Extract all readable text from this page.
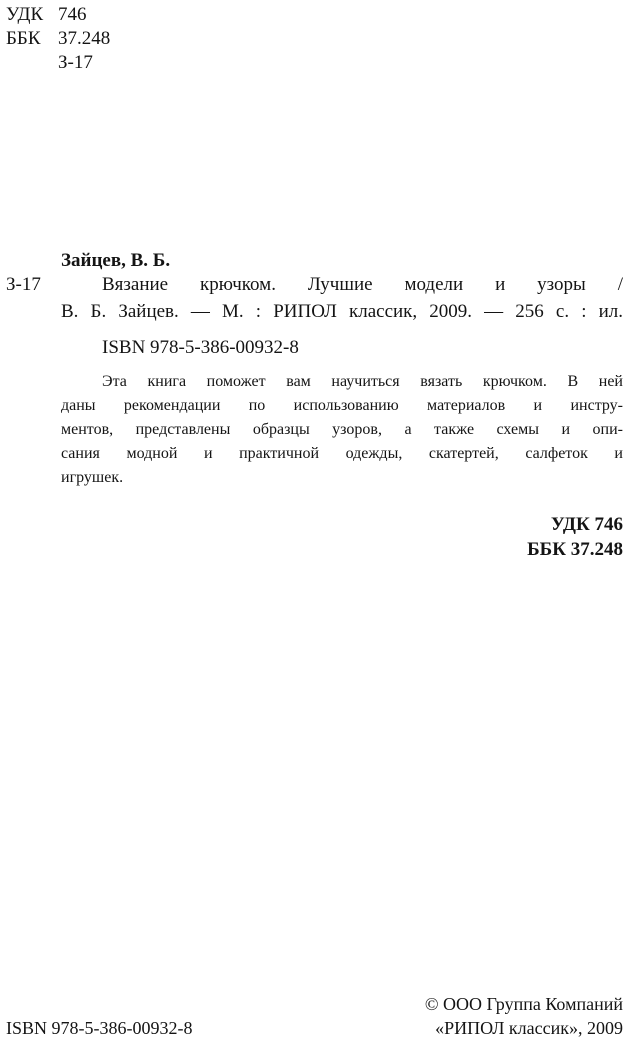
УДК 746
ББК 37.248
З-17
Зайцев, В. Б.
З-17	Вязание крючком. Лучшие модели и узоры /
В. Б. Зайцев. — М. : РИПОЛ классик, 2009. — 256 с. : ил.
ISBN 978-5-386-00932-8
Эта книга поможет вам научиться вязать крючком. В ней
даны рекомендации по использованию материалов и инстру-
ментов, представлены образцы узоров, а также схемы и опи-
сания модной и практичной одежды, скатертей, салфеток и
игрушек.
УДК 746
ББК 37.248
ISBN 978-5-386-00932-8
© ООО Группа Компаний
«РИПОЛ классик», 2009
